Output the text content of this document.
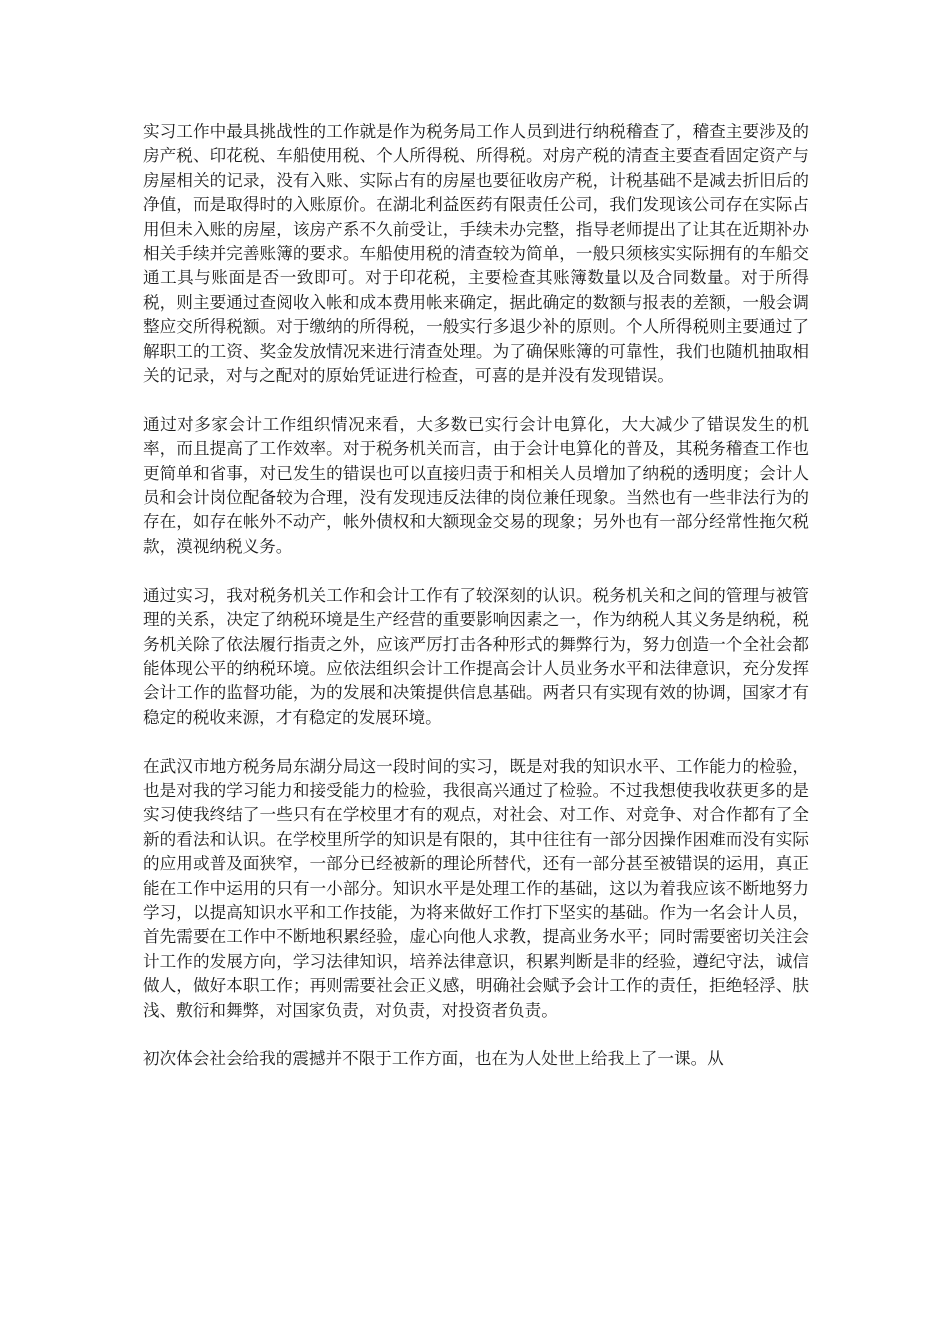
实习工作中最具挑战性的工作就是作为税务局工作人员到进行纳税稽查了，稽查主要涉及的房产税、印花税、车船使用税、个人所得税、所得税。对房产税的清查主要查看固定资产与房屋相关的记录，没有入账、实际占有的房屋也要征收房产税，计税基础不是减去折旧后的净值，而是取得时的入账原价。在湖北利益医药有限责任公司，我们发现该公司存在实际占用但未入账的房屋，该房产系不久前受让，手续未办完整，指导老师提出了让其在近期补办相关手续并完善账簿的要求。车船使用税的清查较为简单，一般只须核实实际拥有的车船交通工具与账面是否一致即可。对于印花税，主要检查其账簿数量以及合同数量。对于所得税，则主要通过查阅收入帐和成本费用帐来确定，据此确定的数额与报表的差额，一般会调整应交所得税额。对于缴纳的所得税，一般实行多退少补的原则。个人所得税则主要通过了解职工的工资、奖金发放情况来进行清查处理。为了确保账簿的可靠性，我们也随机抽取相关的记录，对与之配对的原始凭证进行检查，可喜的是并没有发现错误。

通过对多家会计工作组织情况来看，大多数已实行会计电算化，大大减少了错误发生的机率，而且提高了工作效率。对于税务机关而言，由于会计电算化的普及，其税务稽查工作也更简单和省事，对已发生的错误也可以直接归责于和相关人员增加了纳税的透明度；会计人员和会计岗位配备较为合理，没有发现违反法律的岗位兼任现象。当然也有一些非法行为的存在，如存在帐外不动产，帐外债权和大额现金交易的现象；另外也有一部分经常性拖欠税款，漠视纳税义务。

通过实习，我对税务机关工作和会计工作有了较深刻的认识。税务机关和之间的管理与被管理的关系，决定了纳税环境是生产经营的重要影响因素之一，作为纳税人其义务是纳税，税务机关除了依法履行指责之外，应该严厉打击各种形式的舞弊行为，努力创造一个全社会都能体现公平的纳税环境。应依法组织会计工作提高会计人员业务水平和法律意识，充分发挥会计工作的监督功能，为的发展和决策提供信息基础。两者只有实现有效的协调，国家才有稳定的税收来源，才有稳定的发展环境。

在武汉市地方税务局东湖分局这一段时间的实习，既是对我的知识水平、工作能力的检验，也是对我的学习能力和接受能力的检验，我很高兴通过了检验。不过我想使我收获更多的是实习使我终结了一些只有在学校里才有的观点，对社会、对工作、对竞争、对合作都有了全新的看法和认识。在学校里所学的知识是有限的，其中往往有一部分因操作困难而没有实际的应用或普及面狭窄，一部分已经被新的理论所替代，还有一部分甚至被错误的运用，真正能在工作中运用的只有一小部分。知识水平是处理工作的基础，这以为着我应该不断地努力学习，以提高知识水平和工作技能，为将来做好工作打下坚实的基础。作为一名会计人员，首先需要在工作中不断地积累经验，虚心向他人求教，提高业务水平；同时需要密切关注会计工作的发展方向，学习法律知识，培养法律意识，积累判断是非的经验，遵纪守法，诚信做人，做好本职工作；再则需要社会正义感，明确社会赋予会计工作的责任，拒绝轻浮、肤浅、敷衍和舞弊，对国家负责，对负责，对投资者负责。

初次体会社会给我的震撼并不限于工作方面，也在为人处世上给我上了一课。从
